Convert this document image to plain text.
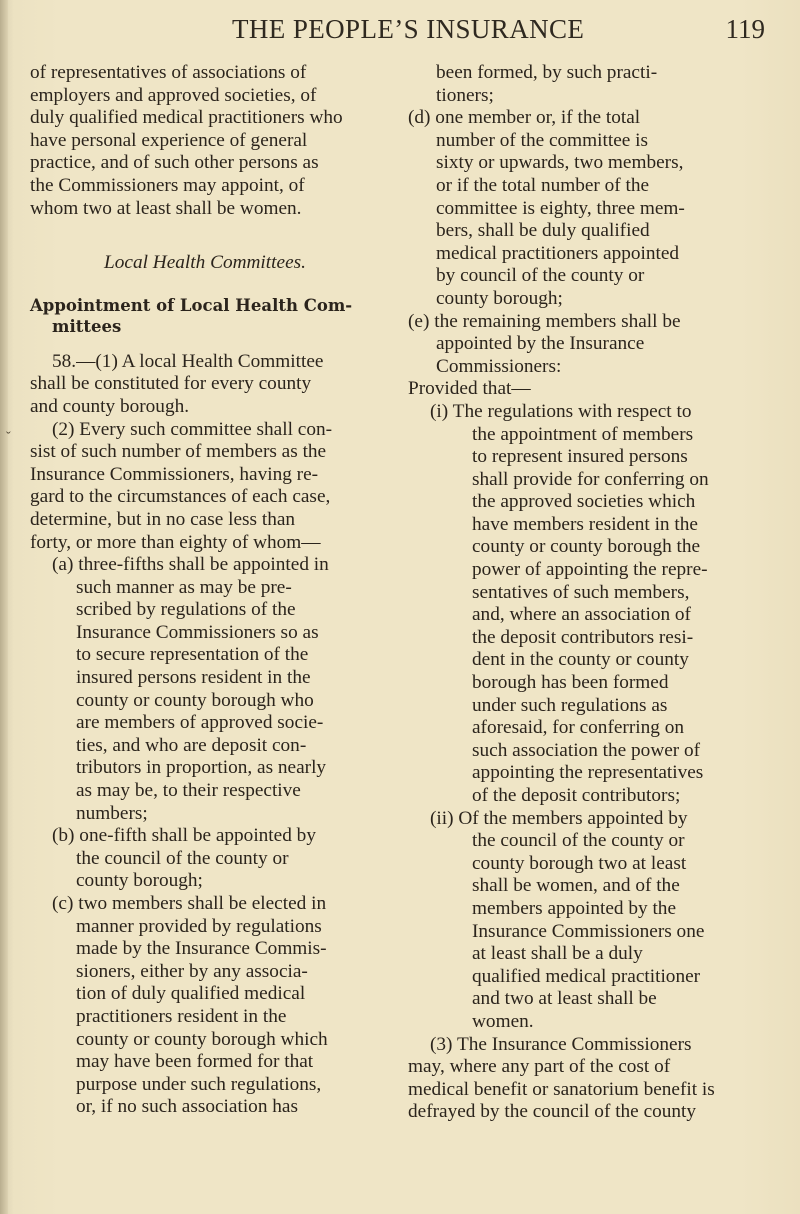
THE PEOPLE’S INSURANCE	119
ˇ
of representatives of associations of
employers and approved societies, of
duly qualified medical practitioners who
have personal experience of general
practice, and of such other persons as
the Commissioners may appoint, of
whom two at least shall be women.
Local Health Committees.
Appointment of Local Health Com-
mittees
58.—(1) A local Health Committee
shall be constituted for every county
and county borough.
(2) Every such committee shall con-
sist of such number of members as the
Insurance Commissioners, having re-
gard to the circumstances of each case,
determine, but in no case less than
forty, or more than eighty of whom—
(a) three-fifths shall be appointed in
such manner as may be pre-
scribed by regulations of the
Insurance Commissioners so as
to secure representation of the
insured persons resident in the
county or county borough who
are members of approved socie-
ties, and who are deposit con-
tributors in proportion, as nearly
as may be, to their respective
numbers;
(b) one-fifth shall be appointed by
the council of the county or
county borough;
(c) two members shall be elected in
manner provided by regulations
made by the Insurance Commis-
sioners, either by any associa-
tion of duly qualified medical
practitioners resident in the
county or county borough which
may have been formed for that
purpose under such regulations,
or, if no such association has
been formed, by such practi-
tioners;
(d) one member or, if the total
number of the committee is
sixty or upwards, two members,
or if the total number of the
committee is eighty, three mem-
bers, shall be duly qualified
medical practitioners appointed
by council of the county or
county borough;
(e) the remaining members shall be
appointed by the Insurance
Commissioners:
Provided that—
(i) The regulations with respect to
the appointment of members
to represent insured persons
shall provide for conferring on
the approved societies which
have members resident in the
county or county borough the
power of appointing the repre-
sentatives of such members,
and, where an association of
the deposit contributors resi-
dent in the county or county
borough has been formed
under such regulations as
aforesaid, for conferring on
such association the power of
appointing the representatives
of the deposit contributors;
(ii) Of the members appointed by
the council of the county or
county borough two at least
shall be women, and of the
members appointed by the
Insurance Commissioners one
at least shall be a duly
qualified medical practitioner
and two at least shall be
women.
(3) The Insurance Commissioners
may, where any part of the cost of
medical benefit or sanatorium benefit is
defrayed by the council of the county
